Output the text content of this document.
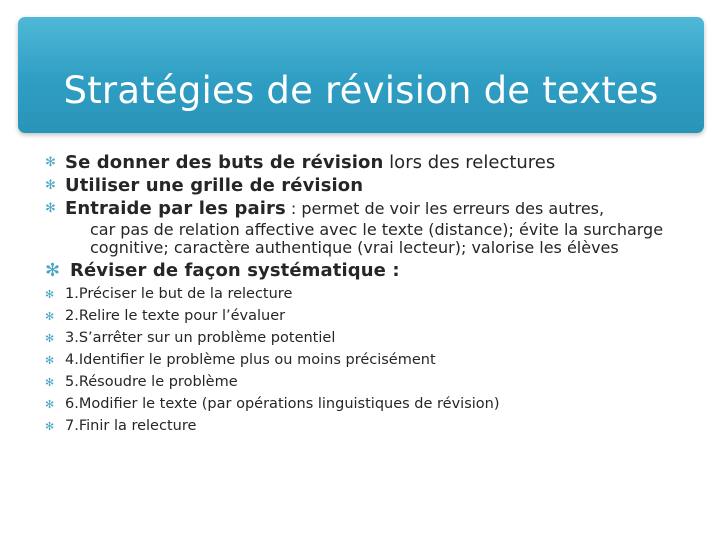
Stratégies de révision de textes
✻ Se donner des buts de révision lors des relectures
✻ Utiliser une grille de révision
✻ Entraide par les pairs : permet de voir les erreurs des autres,
car pas de relation affective avec le texte (distance); évite la surcharge cognitive; caractère authentique (vrai lecteur); valorise les élèves
✻ Réviser de façon systématique :
✻ 1.Préciser le but de la relecture
✻ 2.Relire le texte pour l’évaluer
✻ 3.S’arrêter sur un problème potentiel
✻ 4.Identifier le problème plus ou moins précisément
✻ 5.Résoudre le problème
✻ 6.Modifier le texte (par opérations linguistiques de révision)
✻ 7.Finir la relecture
